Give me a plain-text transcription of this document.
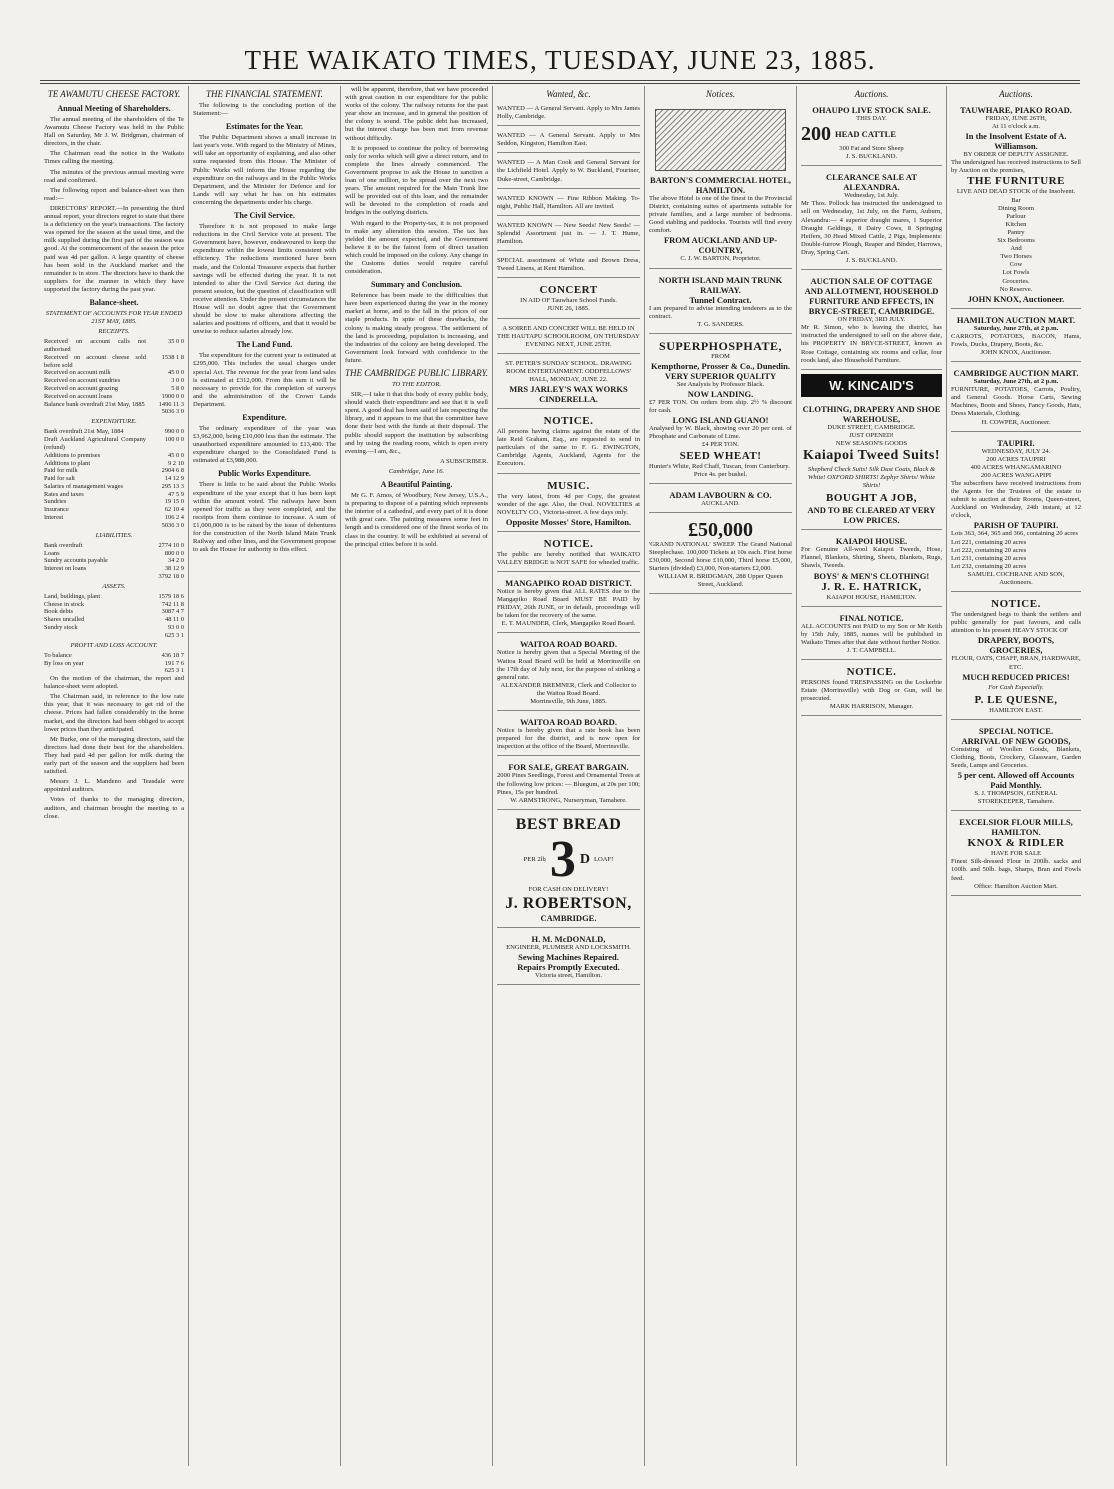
THE WAIKATO TIMES, TUESDAY, JUNE 23, 1885.
TE AWAMUTU CHEESE FACTORY.
Annual Meeting of Shareholders.

The annual meeting of the shareholders of the Te Awamutu Cheese Factory was held in the Public Hall on Saturday, Mr J. W. Bridgman, chairman of directors, in the chair.

The Chairman read the notice in the Waikato Times calling the meeting.

The minutes of the previous annual meeting were read and confirmed.

The following report and balance-sheet was then read:—

DIRECTORS' REPORT.—In presenting the third annual report, your directors regret to state that there is a deficiency on the year's transactions. The factory was opened for the season at the usual time, and the milk supplied during the first part of the season was good. At the commencement of the season the price paid was 4d per gallon. A large quantity of cheese has been sold in the Auckland market and the remainder is in store. The directors have to thank the suppliers for the manner in which they have supported the factory during the past year.

Balance-sheet.
STATEMENT OF ACCOUNTS FOR YEAR ENDED 21ST MAY, 1885.
RECEIPTS.
Received on account calls not authorised	35 0 0
Received on account cheese sold before sold	1538 1 8
Received on account milk	45 0 0
Received on account sundries	3 0 0
Received on account grazing	5 8 0
Received on account loans	1900 0 0
Balance bank overdraft 21st May, 1885	1496 11 3
	5036 3 0
EXPENDITURE.
Bank overdraft 21st May, 1884	990 0 0
Draft Auckland Agricultural Company (refund)	100 0 0
Additions to premises	45 0 0
Additions to plant	9 2 10
Paid for milk	2904 6 8
Paid for salt	14 12 9
Salaries of management wages	295 13 3
Rates and taxes	47 5 9
Sundries	19 15 0
Insurance	62 10 4
Interest	106 2 4
	5036 3 0
LIABILITIES.
Bank overdraft	2774 10 0
Loans	800 0 0
Sundry accounts payable	34 2 0
Interest on loans	38 12 9
	3792 18 0
ASSETS.
Land, buildings, plant	1579 18 6
Cheese in stock	742 11 8
Book debts	3087 4 7
Shares uncalled	48 11 0
Sundry stock	93 0 0
	625 3 1
PROFIT AND LOSS ACCOUNT.
To balance	436 18 7
By loss on year	191 7 6
	625 3 1

On the motion of the chairman, the report and balance-sheet were adopted.

The Chairman said, in reference to the low rate this year, that it was necessary to get rid of the cheese. Prices had fallen considerably in the home market, and the directors had been obliged to accept lower prices than they anticipated.

Mr Burke, one of the managing directors, said the directors had done their best for the shareholders. They had paid 4d per gallon for milk during the early part of the season and the suppliers had been satisfied.

Messrs J. L. Mandeno and Teasdale were appointed auditors.

Votes of thanks to the managing directors, auditors, and chairman brought the meeting to a close.

THE FINANCIAL STATEMENT.

The following is the concluding portion of the Statement:—

Estimates for the Year.

The Public Department shows a small increase in last year's vote. With regard to the Ministry of Mines, will take an opportunity of explaining, and also other sums requested from this House. The Minister of Public Works will inform the House regarding the expenditure on the railways and in the Public Works Department, and the Minister for Defence and for Lands will say what he has on his estimates concerning the departments under his charge.

The Civil Service.

Therefore it is not proposed to make large reductions in the Civil Service vote at present. The Government have, however, endeavoured to keep the expenditure within the lowest limits consistent with efficiency. The reductions mentioned have been made, and the Colonial Treasurer expects that further savings will be effected during the year. It is not intended to alter the Civil Service Act during the present session, but the question of classification will receive attention. Under the present circumstances the House will no doubt agree that the Government should be slow to make alterations affecting the salaries and positions of officers, and that it would be unwise to reduce salaries already low.

The Land Fund.

The expenditure for the current year is estimated at £295,000. This includes the usual charges under special Act. The revenue for the year from land sales is estimated at £312,000. From this sum it will be necessary to provide for the completion of surveys and the administration of the Crown Lands Department.

Expenditure.

The ordinary expenditure of the year was £3,962,000, being £10,000 less than the estimate. The unauthorised expenditure amounted to £13,400. The expenditure charged to the Consolidated Fund is estimated at £3,988,000.

Public Works Expenditure.

There is little to be said about the Public Works expenditure of the year except that it has been kept within the amount voted. The railways have been opened for traffic as they were completed, and the receipts from them continue to increase. A sum of £1,000,000 is to be raised by the issue of debentures for the construction of the North Island Main Trunk Railway and other lines, and the Government propose to ask the House for authority to this effect.

will be apparent, therefore, that we have proceeded with great caution in our expenditure for the public works of the colony. The railway returns for the past year show an increase, and in general the position of the colony is sound. The public debt has increased, but the interest charge has been met from revenue without difficulty.

It is proposed to continue the policy of borrowing only for works which will give a direct return, and to complete the lines already commenced. The Government propose to ask the House to sanction a loan of one million, to be spread over the next two years. The amount required for the Main Trunk line will be provided out of this loan, and the remainder will be devoted to the completion of roads and bridges in the outlying districts.

With regard to the Property-tax, it is not proposed to make any alteration this session. The tax has yielded the amount expected, and the Government believe it to be the fairest form of direct taxation which could be imposed on the colony. Any change in the Customs duties would require careful consideration.

Summary and Conclusion.

Reference has been made to the difficulties that have been experienced during the year in the money market at home, and to the fall in the prices of our staple products. In spite of these drawbacks, the colony is making steady progress. The settlement of the land is proceeding, population is increasing, and the industries of the colony are being developed. The Government look forward with confidence to the future.

THE CAMBRIDGE PUBLIC LIBRARY.
TO THE EDITOR.

SIR,—I take it that this body of every public body, should watch their expenditure and see that it is well spent. A good deal has been said of late respecting the library, and it appears to me that the committee have done their best with the funds at their disposal. The public should support the institution by subscribing and by using the reading room, which is open every evening.—I am, &c.,

A SUBSCRIBER.
Cambridge, June 16.
A Beautiful Painting.

Mr G. F. Amos, of Woodbury, New Jersey, U.S.A., is preparing to dispose of a painting which represents the interior of a cathedral, and every part of it is done with great care. The painting measures some feet in length and is considered one of the finest works of its class in the country. It will be exhibited at several of the principal cities before it is sold.

Wanted, &c.
WANTED — A General Servant. Apply to Mrs James Holly, Cambridge.
WANTED — A General Servant. Apply to Mrs Seddon, Kingston, Hamilton East.
WANTED — A Man Cook and General Servant for the Lichfield Hotel. Apply to W. Buckland, Fouriner, Duke-street, Cambridge.
WANTED KNOWN — Fine Ribbon Making. To-night, Public Hall, Hamilton. All are invited.
WANTED KNOWN — New Seeds! New Seeds! — Splendid Assortment just in. — J. T. Hume, Hamilton.
SPECIAL assortment of White and Brown Dress, Tweed Linens, at Kent Hamilton.
CONCERT
IN AID OF Tauwhare School Funds.
JUNE 26, 1885.
A SOIREE AND CONCERT WILL BE HELD IN THE HAUTAPU SCHOOLROOM, ON THURSDAY EVENING NEXT, JUNE 25TH.
ST. PETER'S SUNDAY SCHOOL. DRAWING ROOM ENTERTAINMENT. ODDFELLOWS' HALL, MONDAY, JUNE 22.
MRS JARLEY'S WAX WORKS CINDERELLA.
NOTICE.
All persons having claims against the estate of the late Reid Graham, Esq., are requested to send in particulars of the same to F. G. EWINGTON, Cambridge Agents, Auckland, Agents for the Executors.
MUSIC.
The very latest, from 4d per Copy, the greatest wonder of the age. Also, the Oval. NOVELTIES at NOVELTY CO., Victoria-street. A few days only.
Opposite Mosses' Store, Hamilton.
NOTICE.
The public are hereby notified that WAIKATO VALLEY BRIDGE is NOT SAFE for wheeled traffic.
MANGAPIKO ROAD DISTRICT.
Notice is hereby given that ALL RATES due to the Mangapiko Road Board MUST BE PAID by FRIDAY, 26th JUNE, or in default, proceedings will be taken for the recovery of the same.
E. T. MAUNDER, Clerk, Mangapiko Road Board.
WAITOA ROAD BOARD.
Notice is hereby given that a Special Meeting of the Waitoa Road Board will be held at Morrinsville on the 17th day of July next, for the purpose of striking a general rate.
ALEXANDER BREMNER, Clerk and Collector to the Waitoa Road Board.
Morrinsville, 9th June, 1885.
WAITOA ROAD BOARD.
Notice is hereby given that a rate book has been prepared for the district, and is now open for inspection at the office of the Board, Morrinsville.
FOR SALE, GREAT BARGAIN.
2000 Pines Seedlings, Forest and Ornamental Trees at the following low prices: — Bluegum, at 20s per 100; Pines, 15s per hundred.
W. ARMSTRONG, Nurseryman, Tamahere.
BEST BREAD
PER 2lb 3 D LOAF!
FOR CASH ON DELIVERY!
J. ROBERTSON,
CAMBRIDGE.
H. M. McDONALD,
ENGINEER, PLUMBER AND LOCKSMITH.
Sewing Machines Repaired.
Repairs Promptly Executed.
Victoria street, Hamilton.
Notices.
BARTON'S COMMERCIAL HOTEL, HAMILTON.
The above Hotel is one of the finest in the Provincial District, containing suites of apartments suitable for private families, and a large number of bedrooms. Good stabling and paddocks. Tourists will find every comfort.
FROM AUCKLAND AND UP-COUNTRY,
C. J. W. BARTON, Proprietor.
NORTH ISLAND MAIN TRUNK RAILWAY.
Tunnel Contract.
I am prepared to advise intending tenderers as to the contract.
T. G. SANDERS.
SUPERPHOSPHATE,
FROM
Kempthorne, Prosser & Co., Dunedin.
VERY SUPERIOR QUALITY
See Analysis by Professor Black.
NOW LANDING.
£7 PER TON. On orders from ship. 2½ % discount for cash.
LONG ISLAND GUANO!
Analysed by W. Black, showing over 20 per cent. of Phosphate and Carbonate of Lime.
£4 PER TON.
SEED WHEAT!
Hunter's White, Red Chaff, Tuscan, from Canterbury.
Price 4s. per bushel.
ADAM LAVBOURN & CO.
AUCKLAND.
£50,000
'GRAND NATIONAL' SWEEP. The Grand National Steeplechase. 100,000 Tickets at 10s each. First horse £30,000, Second horse £10,000, Third horse £5,000, Starters (divided) £3,000, Non-starters £2,000.
WILLIAM R. BRIDGMAN, 288 Upper Queen Street, Auckland.
Auctions.
OHAUPO LIVE STOCK SALE.
THIS DAY.
200 HEAD CATTLE
300 Fat and Store Sheep
J. S. BUCKLAND.
CLEARANCE SALE AT ALEXANDRA.
Wednesday, 1st July.
Mr Thos. Pollock has instructed the undersigned to sell on Wednesday, 1st July, on the Farm, Auburn, Alexandra:— 4 superior draught mares, 1 Superior Draught Geldings, 8 Dairy Cows, 8 Springing Heifers, 30 Head Mixed Cattle, 2 Pigs, Implements: Double-furrow Plough, Reaper and Binder, Harrows, Dray, Spring Cart.
J. S. BUCKLAND.
AUCTION SALE OF COTTAGE AND ALLOTMENT, HOUSEHOLD FURNITURE AND EFFECTS, IN BRYCE-STREET, CAMBRIDGE.
ON FRIDAY, 3RD JULY.
Mr R. Simon, who is leaving the district, has instructed the undersigned to sell on the above date, his PROPERTY IN BRYCE-STREET, known as Rose Cottage, containing six rooms and cellar, four roods land, also Household Furniture.
W. KINCAID'S
CLOTHING, DRAPERY AND SHOE WAREHOUSE,
DUKE STREET, CAMBRIDGE.
JUST OPENED!
NEW SEASON'S GOODS
Kaiapoi Tweed Suits!
Shepherd Check Suits! Silk Dust Coats, Black & White! OXFORD SHIRTS! Zephyr Shirts! White Shirts!
BOUGHT A JOB,
AND TO BE CLEARED AT VERY LOW PRICES.
KAIAPOI HOUSE.
For Genuine All-wool Kaiapoi Tweeds, Hose, Flannel, Blankets, Shirting, Sheets, Blankets, Rugs, Shawls, Tweeds.
BOYS' & MEN'S CLOTHING!
J. R. E. HATRICK,
KAIAPOI HOUSE, HAMILTON.
FINAL NOTICE.
ALL ACCOUNTS not PAID to my Son or Mr Keith by 15th July, 1885, names will be published in Waikato Times after that date without further Notice.
J. T. CAMPBELL.
NOTICE.
PERSONS found TRESPASSING on the Lockerbie Estate (Morrinsville) with Dog or Gun, will be prosecuted.
MARK HARRISON, Manager.
Auctions.
TAUWHARE, PIAKO ROAD.
FRIDAY, JUNE 26TH,
At 11 o'clock a.m.
In the Insolvent Estate of A. Williamson.
BY ORDER OF DEPUTY ASSIGNEE.
The undersigned has received instructions to Sell by Auction on the premises,
THE FURNITURE
LIVE AND DEAD STOCK of the Insolvent.
Bar
Dining Room
Parlour
Kitchen
Pantry
Six Bedrooms
And
Two Horses
Cow
Lot Fowls
Groceries.
No Reserve.
JOHN KNOX, Auctioneer.
HAMILTON AUCTION MART.
Saturday, June 27th, at 2 p.m.
CARROTS, POTATOES, BACON, Hams, Fowls, Ducks, Drapery, Boots, &c.
JOHN KNOX, Auctioneer.
CAMBRIDGE AUCTION MART.
Saturday, June 27th, at 2 p.m.
FURNITURE, POTATOES, Carrots, Poultry, and General Goods. Horse Carts, Sewing Machines, Boots and Shoes, Fancy Goods, Hats, Dress Materials, Clothing.
H. COWPER, Auctioneer.
TAUPIRI.
WEDNESDAY, JULY 24.
200 ACRES TAUPIRI
400 ACRES WHANGAMARINO
200 ACRES WANGAPIPI
The subscribers have received instructions from the Agents for the Trustees of the estate to submit to auction at their Rooms, Queen-street, Auckland on Wednesday, 24th instant, at 12 o'clock,
PARISH OF TAUPIRI.
Lots 363, 364, 365 and 366, containing 20 acres
Lot 221, containing 20 acres
Lot 222, containing 20 acres
Lot 231, containing 20 acres
Lot 232, containing 20 acres
SAMUEL COCHRANE AND SON, Auctioneers.
NOTICE.
The undersigned begs to thank the settlers and public generally for past favours, and calls attention to his present HEAVY STOCK OF
DRAPERY, BOOTS, GROCERIES,
FLOUR, OATS, CHAFF, BRAN, HARDWARE, ETC.
MUCH REDUCED PRICES!
For Cash Especially.
P. LE QUESNE,
HAMILTON EAST.
SPECIAL NOTICE.
ARRIVAL OF NEW GOODS,
Consisting of Woollen Goods, Blankets, Clothing, Boots, Crockery, Glassware, Garden Seeds, Lamps and Groceries.
5 per cent. Allowed off Accounts Paid Monthly.
S. J. THOMPSON, GENERAL STOREKEEPER, Tamahere.
EXCELSIOR FLOUR MILLS, HAMILTON.
KNOX & RIDLER
HAVE FOR SALE
Finest Silk-dressed Flour in 200lb. sacks and 100lb. and 50lb. bags, Sharps, Bran and Fowls feed.
Office: Hamilton Auction Mart.
